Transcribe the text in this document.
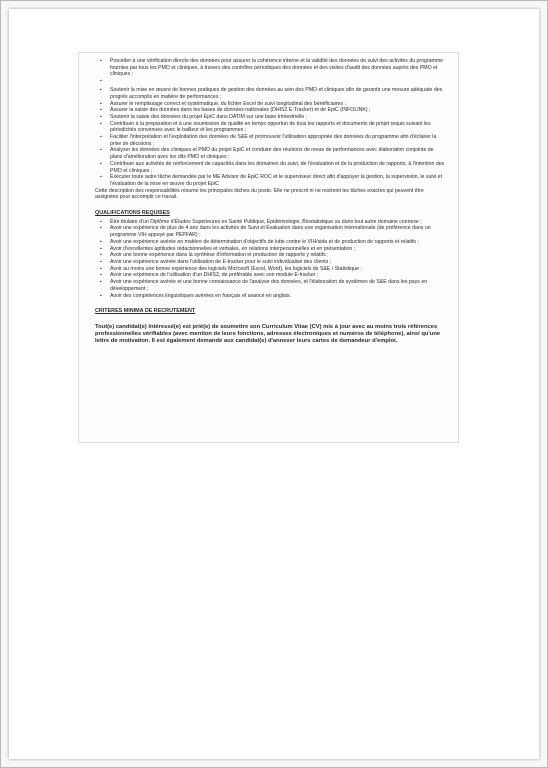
▪ Procéder à une vérification directe des données pour assurer la cohérence interne et la validité des données de suivi des activités du programme fournies par tous les PMO et cliniques, à travers des contrôles périodiques des données et des visites d'audit des données auprès des PMO et cliniques ;
▪
▪ Soutenir la mise en œuvre de bonnes pratiques de gestion des données au sein des PMO et cliniques afin de garantir une mesure adéquate des progrès accomplis en matière de performances ;
▪ Assurer le remplissage correct et systématique, du fichier Excel de suivi longitudinal des bénéficiaires ;
▪ Assurer la saisie des données dans les bases de données nationales (DHIS2 E-Tracker) et de EpiC (INFOLINK) ;
▪ Soutenir la saisie des données du projet EpiC dans DATIM sur une base trimestrielle ;
▪ Contribuer à la préparation et à une soumission de qualité en temps opportun de tous les rapports et documents de projet requis suivant les périodicités convenues avec le bailleur et les programmes ;
▪ Faciliter l'interprétation et l'exploitation des données de S&E et promouvoir l'utilisation appropriée des données du programme afin d'éclairer la prise de décisions ;
▪ Analyser les données des cliniques et PMO du projet EpiC et conduire des réunions de revue de performances avec élaboration conjointe de plans d'amélioration avec les dits PMO et cliniques ;
▪ Contribuer aux activités de renforcement de capacités dans les domaines du suivi, de l'évaluation et de la production de rapports, à l'intention des PMO et cliniques ;
▪ Exécuter toute autre tâche demandée par le ME Advisor de EpiC ROC et le superviseur direct afin d'appuyer la gestion, la supervision, le suivi et l'évaluation de la mise en œuvre du projet EpiC

Cette description des responsabilités résume les principales tâches du poste. Elle ne prescrit ni ne restreint les tâches exactes qui peuvent être assignées pour accomplir ce travail.

QUALIFICATIONS REQUISES

▪ Être titulaire d'un Diplôme d'Études Supérieures en Santé Publique, Épidémiologie, Biostatistique ou dans tout autre domaine connexe ;
▪ Avoir une expérience de plus de 4 ans dans les activités de Suivi et Évaluation dans une organisation internationale (de préférence dans un programme VIH appuyé par PEPFAR) ;
▪ Avoir une expérience avérée en matière de détermination d'objectifs de lutte contre le VIH/sida et de production de rapports et relatifs ;
▪ Avoir d'excellentes aptitudes rédactionnelles et verbales, en relations interpersonnelles et en présentation ;
▪ Avoir une bonne expérience dans la synthèse d'information et production de rapports y relatifs ;
▪ Avoir une expérience avérée dans l'utilisation de E-tracker pour le suivi individualisé des clients ;
▪ Avoir au moins une bonne expérience des logiciels Microsoft (Excel, Word), les logiciels de S&E / Statistique ;
▪ Avoir une expérience de l'utilisation d'un DHIS2, de préférable avec son module E-tracker ;
▪ Avoir une expérience avérée et une bonne connaissance de l'analyse des données, et l'élaboration de systèmes de S&E dans les pays en développement ;
▪ Avoir des compétences linguistiques avérées en français et avancé en anglais.

CRITERES MINIMA DE RECRUTEMENT

Tout(e) candidat(e) intéressé(e) est prié(e) de soumettre son Curriculum Vitae (CV) mis à jour avec au moins trois références professionnelles vérifiables (avec mention de leurs fonctions, adresses électroniques et numéros de téléphone), ainsi qu'une lettre de motivation. Il est également demandé aux candidat(e) d'annexer leurs cartes de demandeur d'emploi.
